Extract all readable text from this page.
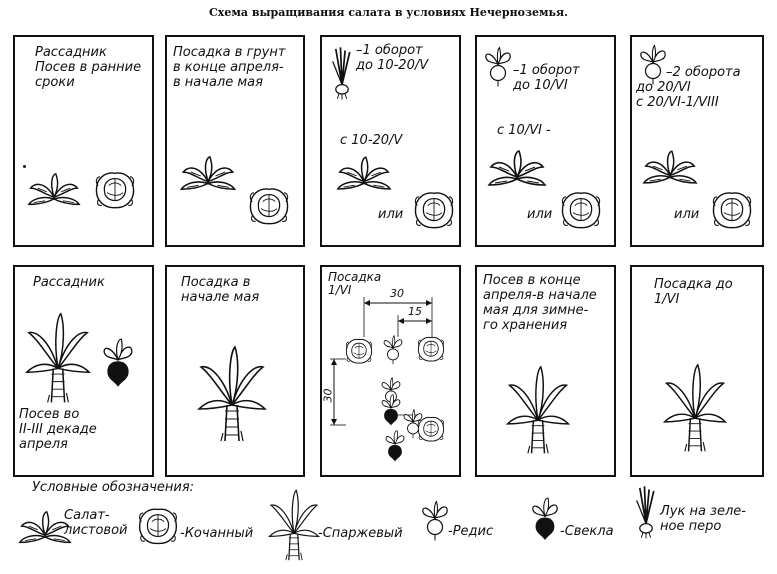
Схема выращивания салата в условиях Нечерноземья.
Рассадник
Посев в ранние
сроки
Посадка в грунт
в конце апреля-
в начале мая
–1 оборот
до 10-20/V
с 10-20/V
или
–1 оборот
до 10/VI
с 10/VI -
или
–2 оборота
до 20/VI
с 20/VI-1/VIII
или
Рассадник
Посев во
II-III декаде
апреля
Посадка в
начале мая
Посадка
1/VI	30
15
30
Посев в конце
апреля-в начале
мая для зимне-
го хранения
Посадка до
1/VI
Условные обозначения:
Салат-
листовой	-Кочанный	-Спаржевый	-Редис	-Свекла
Лук на зеле-
ное перо
